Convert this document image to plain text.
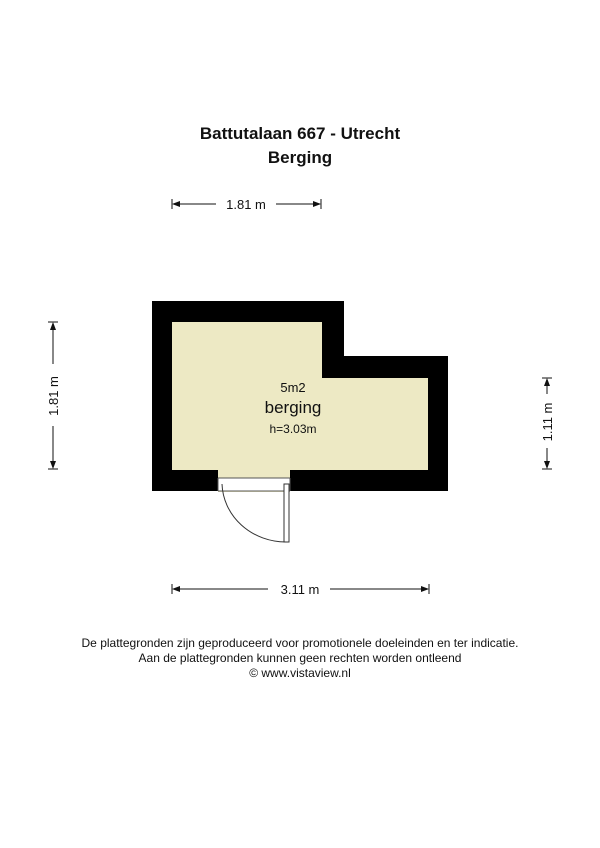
Battutalaan 667 - Utrecht
Berging
1.81 m
3.11 m
1.81 m
1.11 m
5m2
berging
h=3.03m
De plattegronden zijn geproduceerd voor promotionele doeleinden en ter indicatie.
Aan de plattegronden kunnen geen rechten worden ontleend
© www.vistaview.nl
